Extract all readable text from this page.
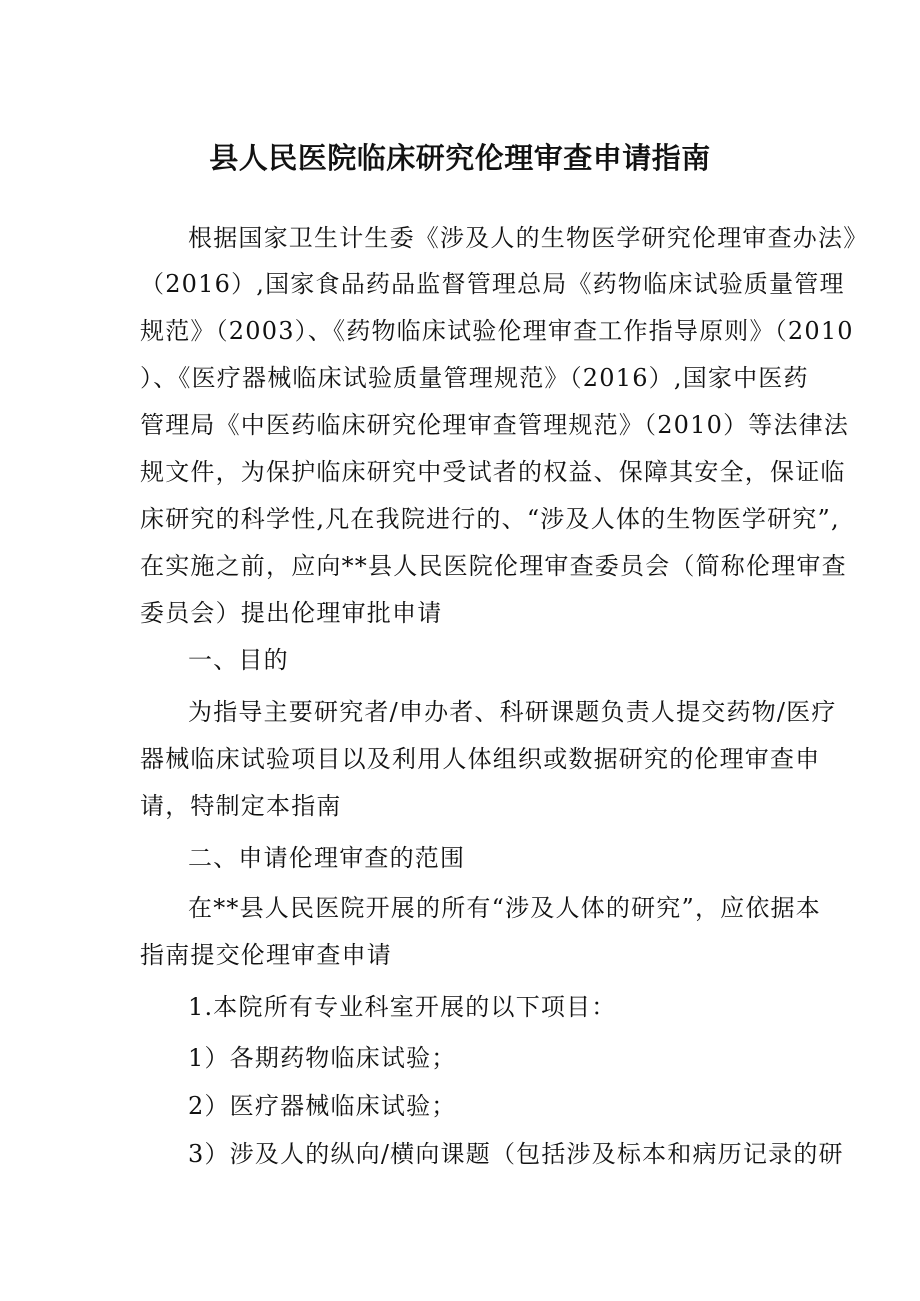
县人民医院临床研究伦理审查申请指南

根据国家卫生计生委《涉及人的生物医学研究伦理审查办法》

（2016）,国家食品药品监督管理总局《药物临床试验质量管理

规范》（2003）、《药物临床试验伦理审查工作指导原则》（2010

）、《医疗器械临床试验质量管理规范》（2016）,国家中医药

管理局《中医药临床研究伦理审查管理规范》（2010）等法律法

规文件，为保护临床研究中受试者的权益、保障其安全，保证临

床研究的科学性,凡在我院进行的、“涉及人体的生物医学研究”,

在实施之前，应向**县人民医院伦理审查委员会（简称伦理审查

委员会）提出伦理审批申请

一、目的

为指导主要研究者/申办者、科研课题负责人提交药物/医疗

器械临床试验项目以及利用人体组织或数据研究的伦理审查申

请，特制定本指南

二、申请伦理审查的范围

在**县人民医院开展的所有“涉及人体的研究”，应依据本

指南提交伦理审查申请

1.本院所有专业科室开展的以下项目：

1）各期药物临床试验；

2）医疗器械临床试验；

3）涉及人的纵向/横向课题（包括涉及标本和病历记录的研
